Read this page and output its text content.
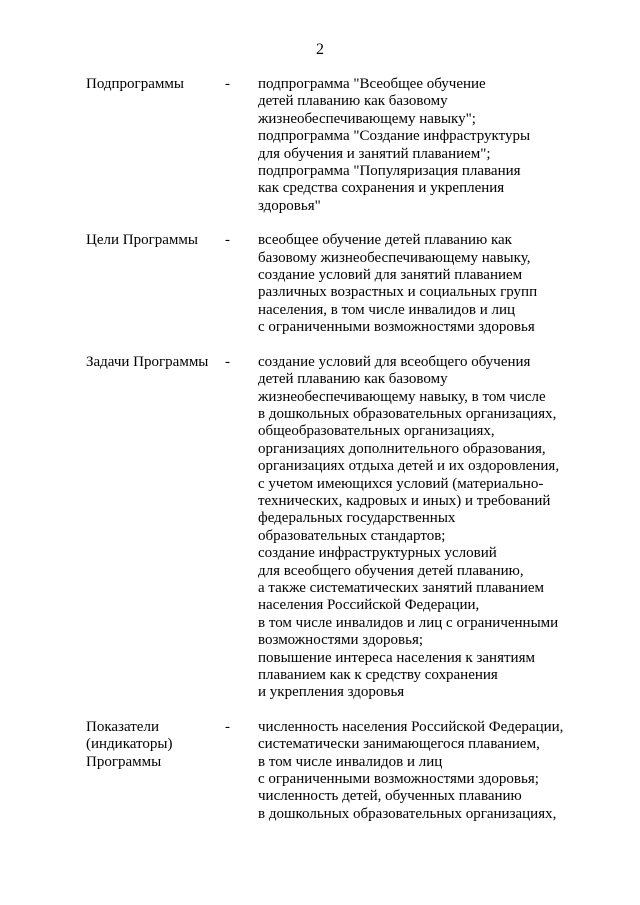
2
Подпрограммы	- подпрограмма "Всеобщее обучение
детей плаванию как базовому
жизнеобеспечивающему навыку";
подпрограмма "Создание инфраструктуры
для обучения и занятий плаванием";
подпрограмма "Популяризация плавания
как средства сохранения и укрепления
здоровья"
Цели Программы	- всеобщее обучение детей плаванию как
базовому жизнеобеспечивающему навыку,
создание условий для занятий плаванием
различных возрастных и социальных групп
населения, в том числе инвалидов и лиц
с ограниченными возможностями здоровья
Задачи Программы	- создание условий для всеобщего обучения
детей плаванию как базовому
жизнеобеспечивающему навыку, в том числе
в дошкольных образовательных организациях,
общеобразовательных организациях,
организациях дополнительного образования,
организациях отдыха детей и их оздоровления,
с учетом имеющихся условий (материально-
технических, кадровых и иных) и требований
федеральных государственных
образовательных стандартов;
создание инфраструктурных условий
для всеобщего обучения детей плаванию,
а также систематических занятий плаванием
населения Российской Федерации,
в том числе инвалидов и лиц с ограниченными
возможностями здоровья;
повышение интереса населения к занятиям
плаванием как к средству сохранения
и укрепления здоровья
Показатели
(индикаторы)
Программы
- численность населения Российской Федерации,
систематически занимающегося плаванием,
в том числе инвалидов и лиц
с ограниченными возможностями здоровья;
численность детей, обученных плаванию
в дошкольных образовательных организациях,
